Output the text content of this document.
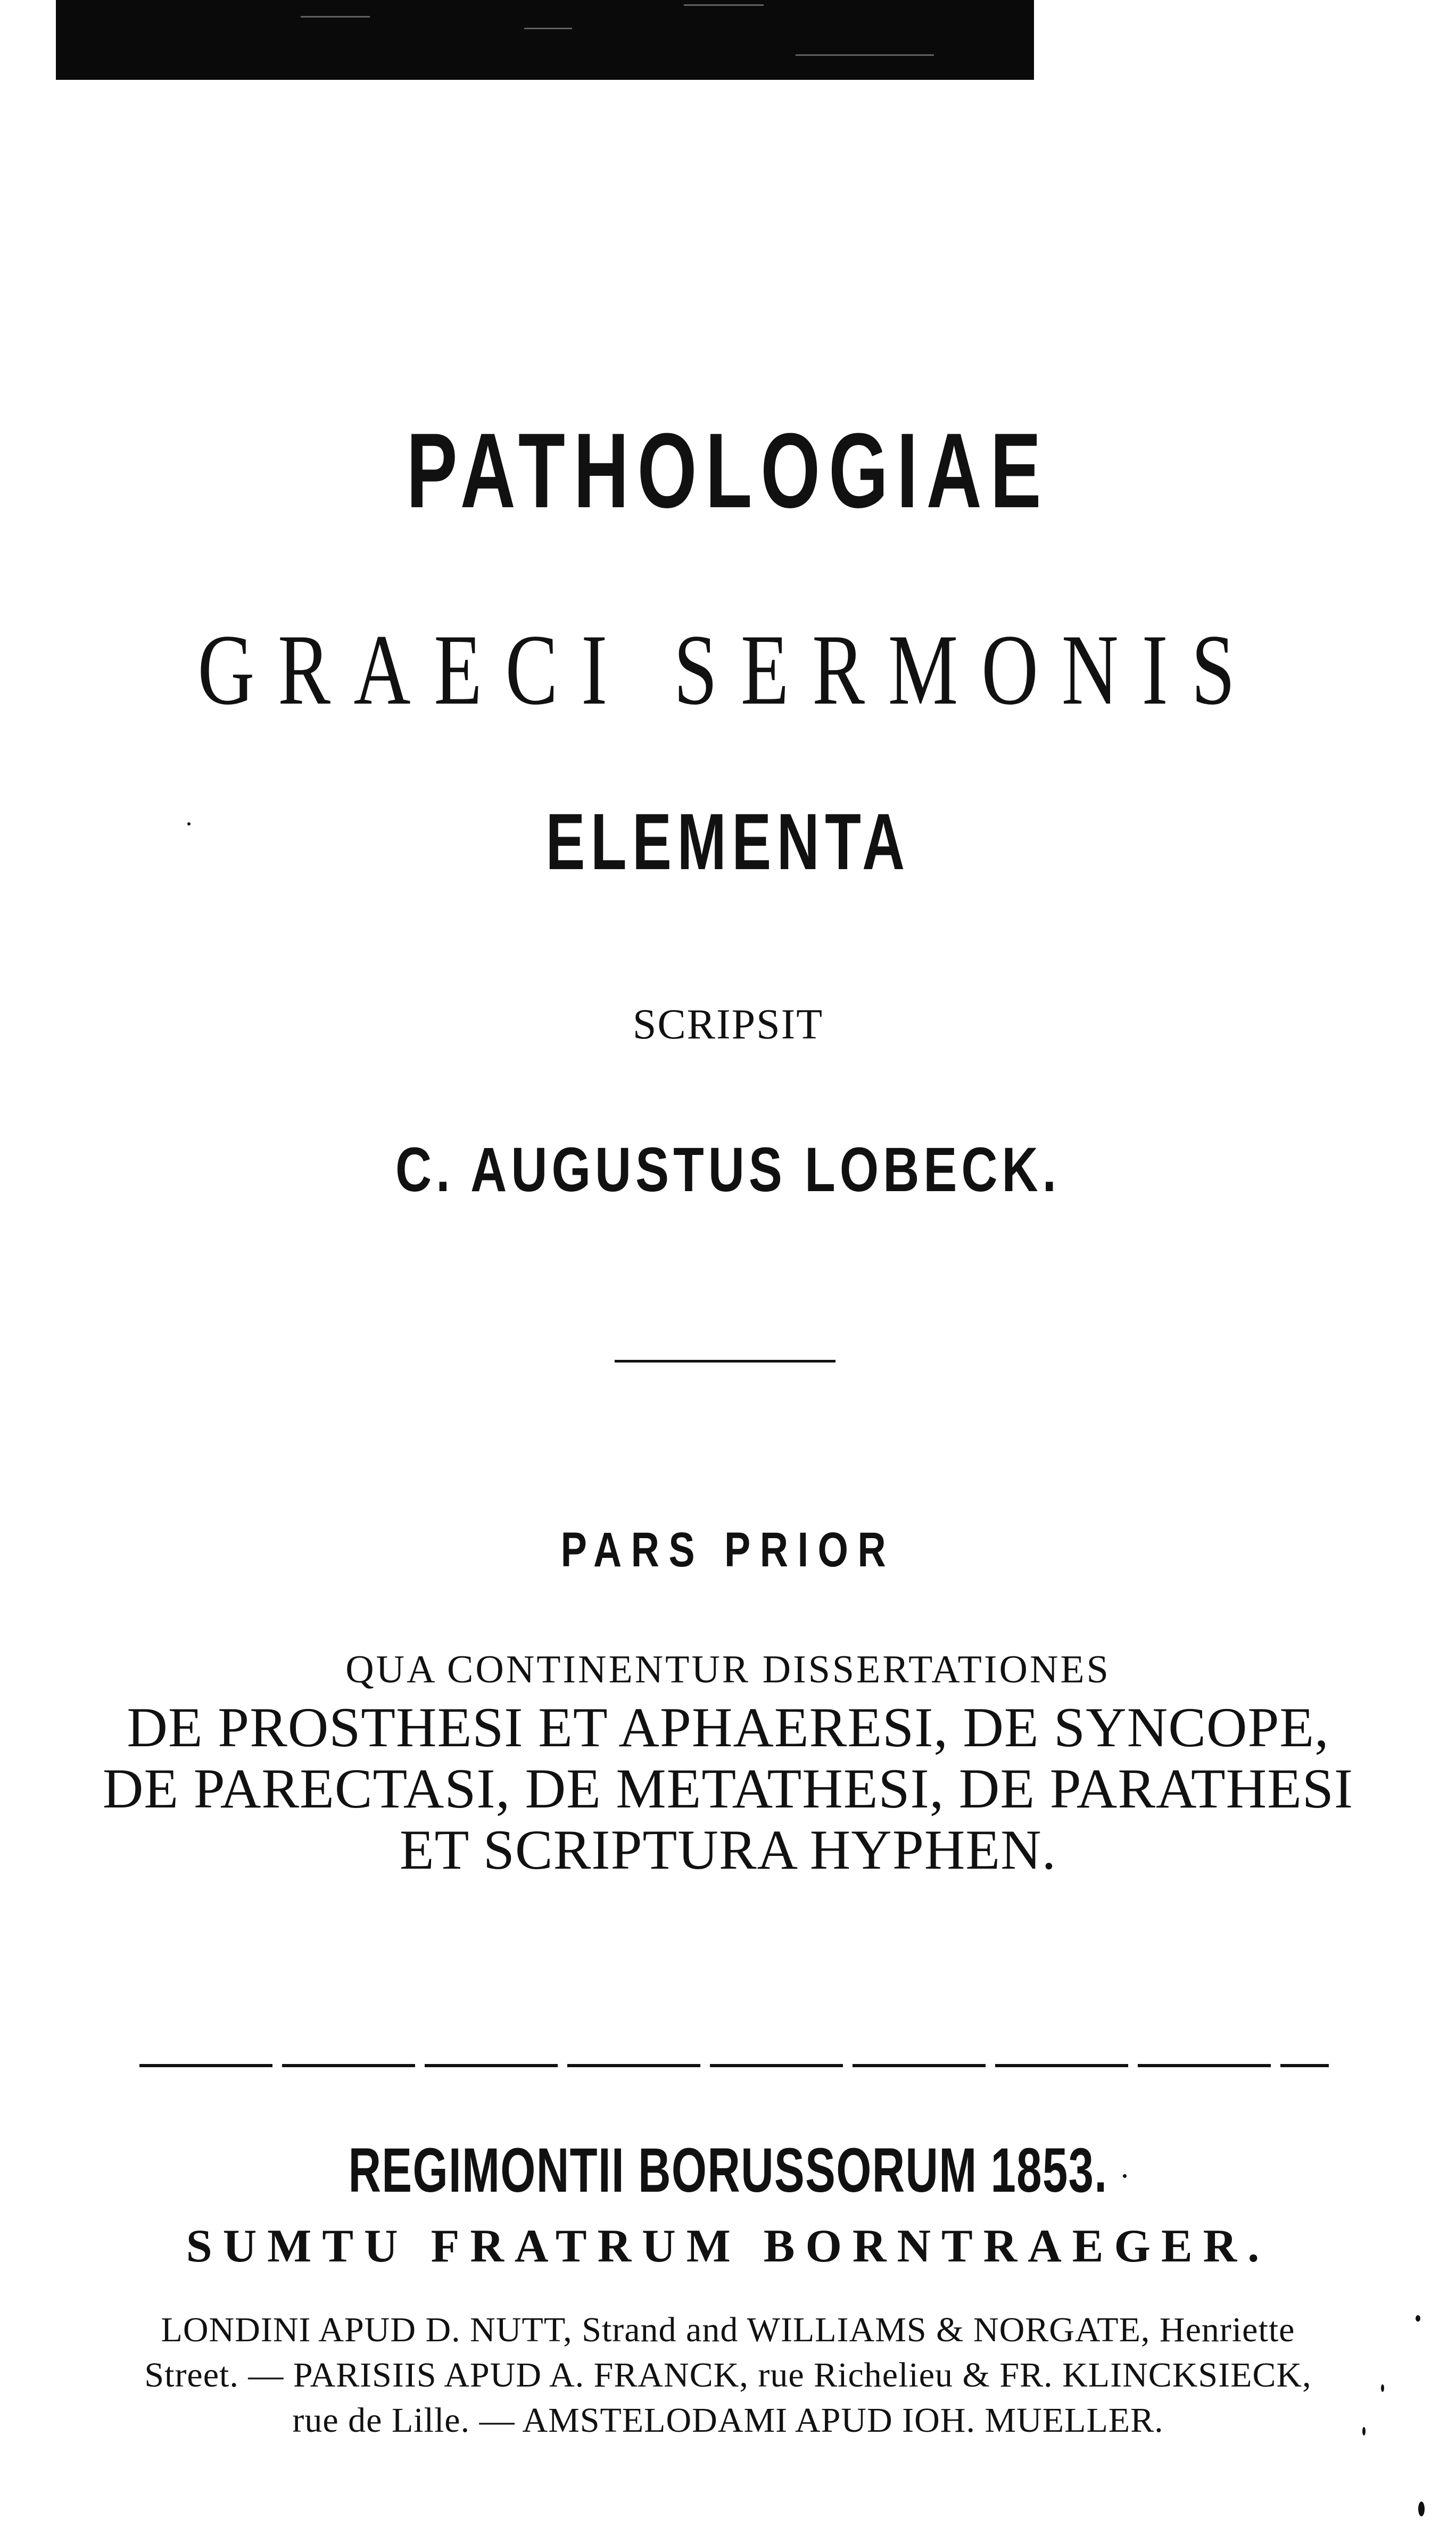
PATHOLOGIAE
GRAECI SERMONIS
ELEMENTA
SCRIPSIT
C. AUGUSTUS LOBECK.
PARS PRIOR
QUA CONTINENTUR DISSERTATIONES
DE PROSTHESI ET APHAERESI, DE SYNCOPE,
DE PARECTASI, DE METATHESI, DE PARATHESI
ET SCRIPTURA HYPHEN.
REGIMONTII BORUSSORUM 1853.
SUMTU FRATRUM BORNTRAEGER.
LONDINI APUD D. NUTT, Strand and WILLIAMS & NORGATE, Henriette
Street. — PARISIIS APUD A. FRANCK, rue Richelieu & FR. KLINCKSIECK,
rue de Lille. — AMSTELODAMI APUD IOH. MUELLER.
